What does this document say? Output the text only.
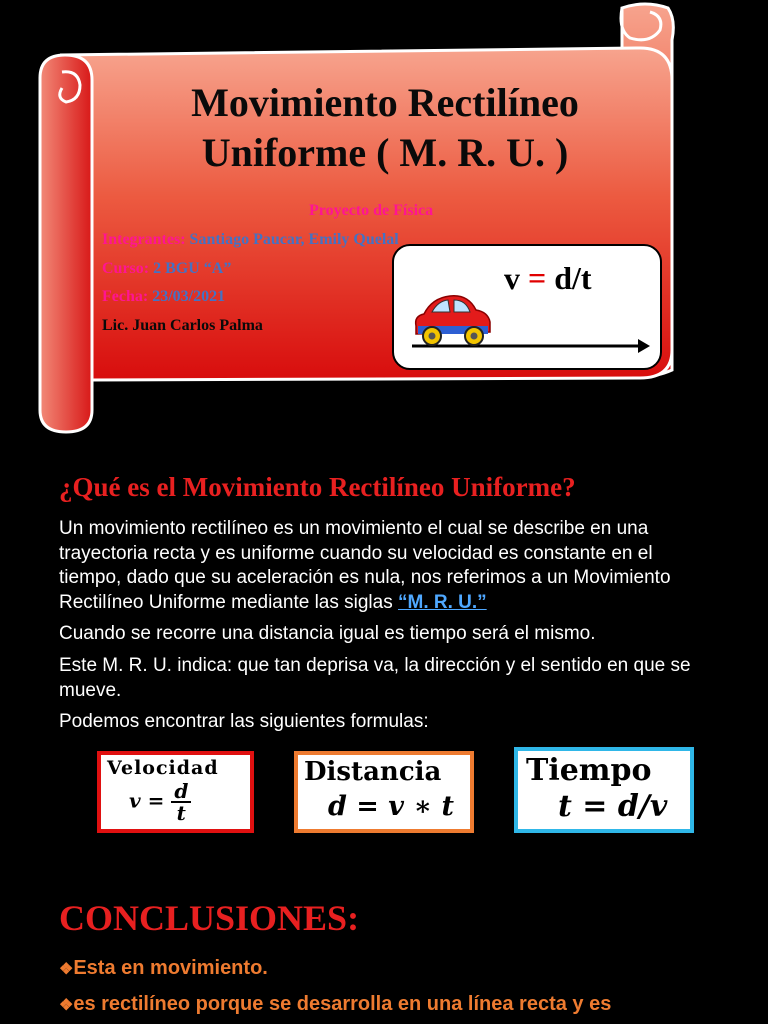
Movimiento Rectilíneo
Uniforme ( M. R. U. )
Proyecto de Física
Integrantes: Santiago Paucar, Emily Quelal
Curso: 2 BGU “A”
Fecha: 23/03/2021
Lic. Juan Carlos Palma
v = d/t
¿Qué es el Movimiento Rectilíneo Uniforme?

Un movimiento rectilíneo es un movimiento el cual se describe en una trayectoria recta y es uniforme cuando su velocidad es constante en el tiempo, dado que su aceleración es nula, nos referimos a un Movimiento Rectilíneo Uniforme mediante las siglas “M. R. U.”

Cuando se recorre una distancia igual es tiempo será el mismo.

Este M. R. U. indica: que tan deprisa va, la dirección y el sentido en que se mueve.

Podemos encontrar las siguientes formulas:

Velocidad
$v = \frac{d}{t}$
Distancia
d = v ∗ t
Tiempo
t = d/v
CONCLUSIONES:

❖Esta en movimiento.

❖es rectilíneo porque se desarrolla en una línea recta y es
